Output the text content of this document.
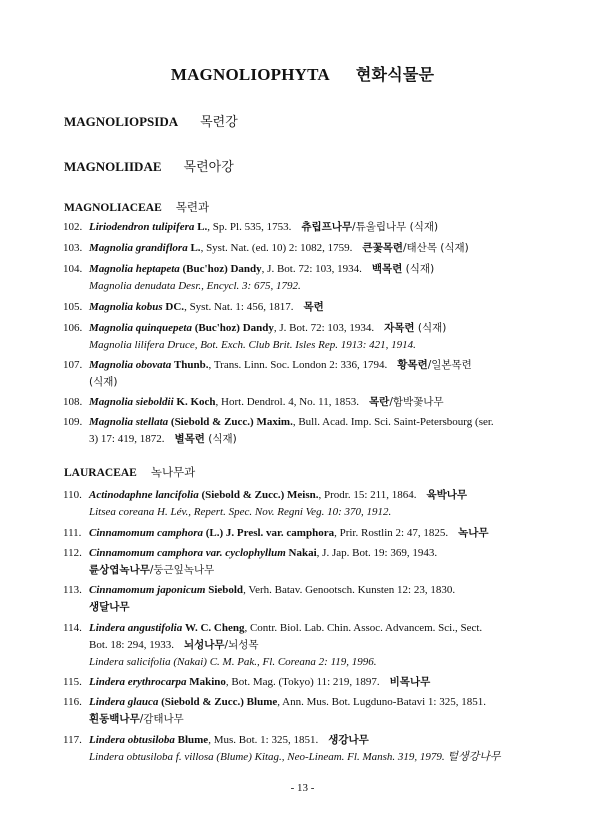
MAGNOLIOPHYTA 현화식물문
MAGNOLIOPSIDA 목련강
MAGNOLIIDAE 목련아강
MAGNOLIACEAE 목련과
102. Liriodendron tulipifera L., Sp. Pl. 535, 1753. 츄립프나무/튜울립나무 (식재)
103. Magnolia grandiflora L., Syst. Nat. (ed. 10) 2: 1082, 1759. 큰꽃목련/태산목 (식재)
104. Magnolia heptapeta (Buc'hoz) Dandy, J. Bot. 72: 103, 1934. 백목련 (식재)
Magnolia denudata Desr., Encycl. 3: 675, 1792.
105. Magnolia kobus DC., Syst. Nat. 1: 456, 1817. 목련
106. Magnolia quinquepeta (Buc'hoz) Dandy, J. Bot. 72: 103, 1934. 자목련 (식재)
Magnolia lilifera Druce, Bot. Exch. Club Brit. Isles Rep. 1913: 421, 1914.
107. Magnolia obovata Thunb., Trans. Linn. Soc. London 2: 336, 1794. 황목련/일본목련
(식재)
108. Magnolia sieboldii K. Koch, Hort. Dendrol. 4, No. 11, 1853. 목란/함박꽃나무
109. Magnolia stellata (Siebold & Zucc.) Maxim., Bull. Acad. Imp. Sci. Saint-Petersbourg (ser.
3) 17: 419, 1872. 별목련 (식재)
LAURACEAE 녹나무과
110. Actinodaphne lancifolia (Siebold & Zucc.) Meisn., Prodr. 15: 211, 1864. 육박나무
Litsea coreana H. Lév., Repert. Spec. Nov. Regni Veg. 10: 370, 1912.
111. Cinnamomum camphora (L.) J. Presl. var. camphora, Prir. Rostlin 2: 47, 1825. 녹나무
112. Cinnamomum camphora var. cyclophyllum Nakai, J. Jap. Bot. 19: 369, 1943.
륜상엽녹나무/둥근잎녹나무
113. Cinnamomum japonicum Siebold, Verh. Batav. Genootsch. Kunsten 12: 23, 1830.
생달나무
114. Lindera angustifolia W. C. Cheng, Contr. Biol. Lab. Chin. Assoc. Advancem. Sci., Sect.
Bot. 18: 294, 1933. 뇌성나무/뇌성목
Lindera salicifolia (Nakai) C. M. Pak., Fl. Coreana 2: 119, 1996.
115. Lindera erythrocarpa Makino, Bot. Mag. (Tokyo) 11: 219, 1897. 비목나무
116. Lindera glauca (Siebold & Zucc.) Blume, Ann. Mus. Bot. Lugduno-Batavi 1: 325, 1851.
흰동백나무/감태나무
117. Lindera obtusiloba Blume, Mus. Bot. 1: 325, 1851. 생강나무
Lindera obtusiloba f. villosa (Blume) Kitag., Neo-Lineam. Fl. Mansh. 319, 1979. 털생강나무
- 13 -
